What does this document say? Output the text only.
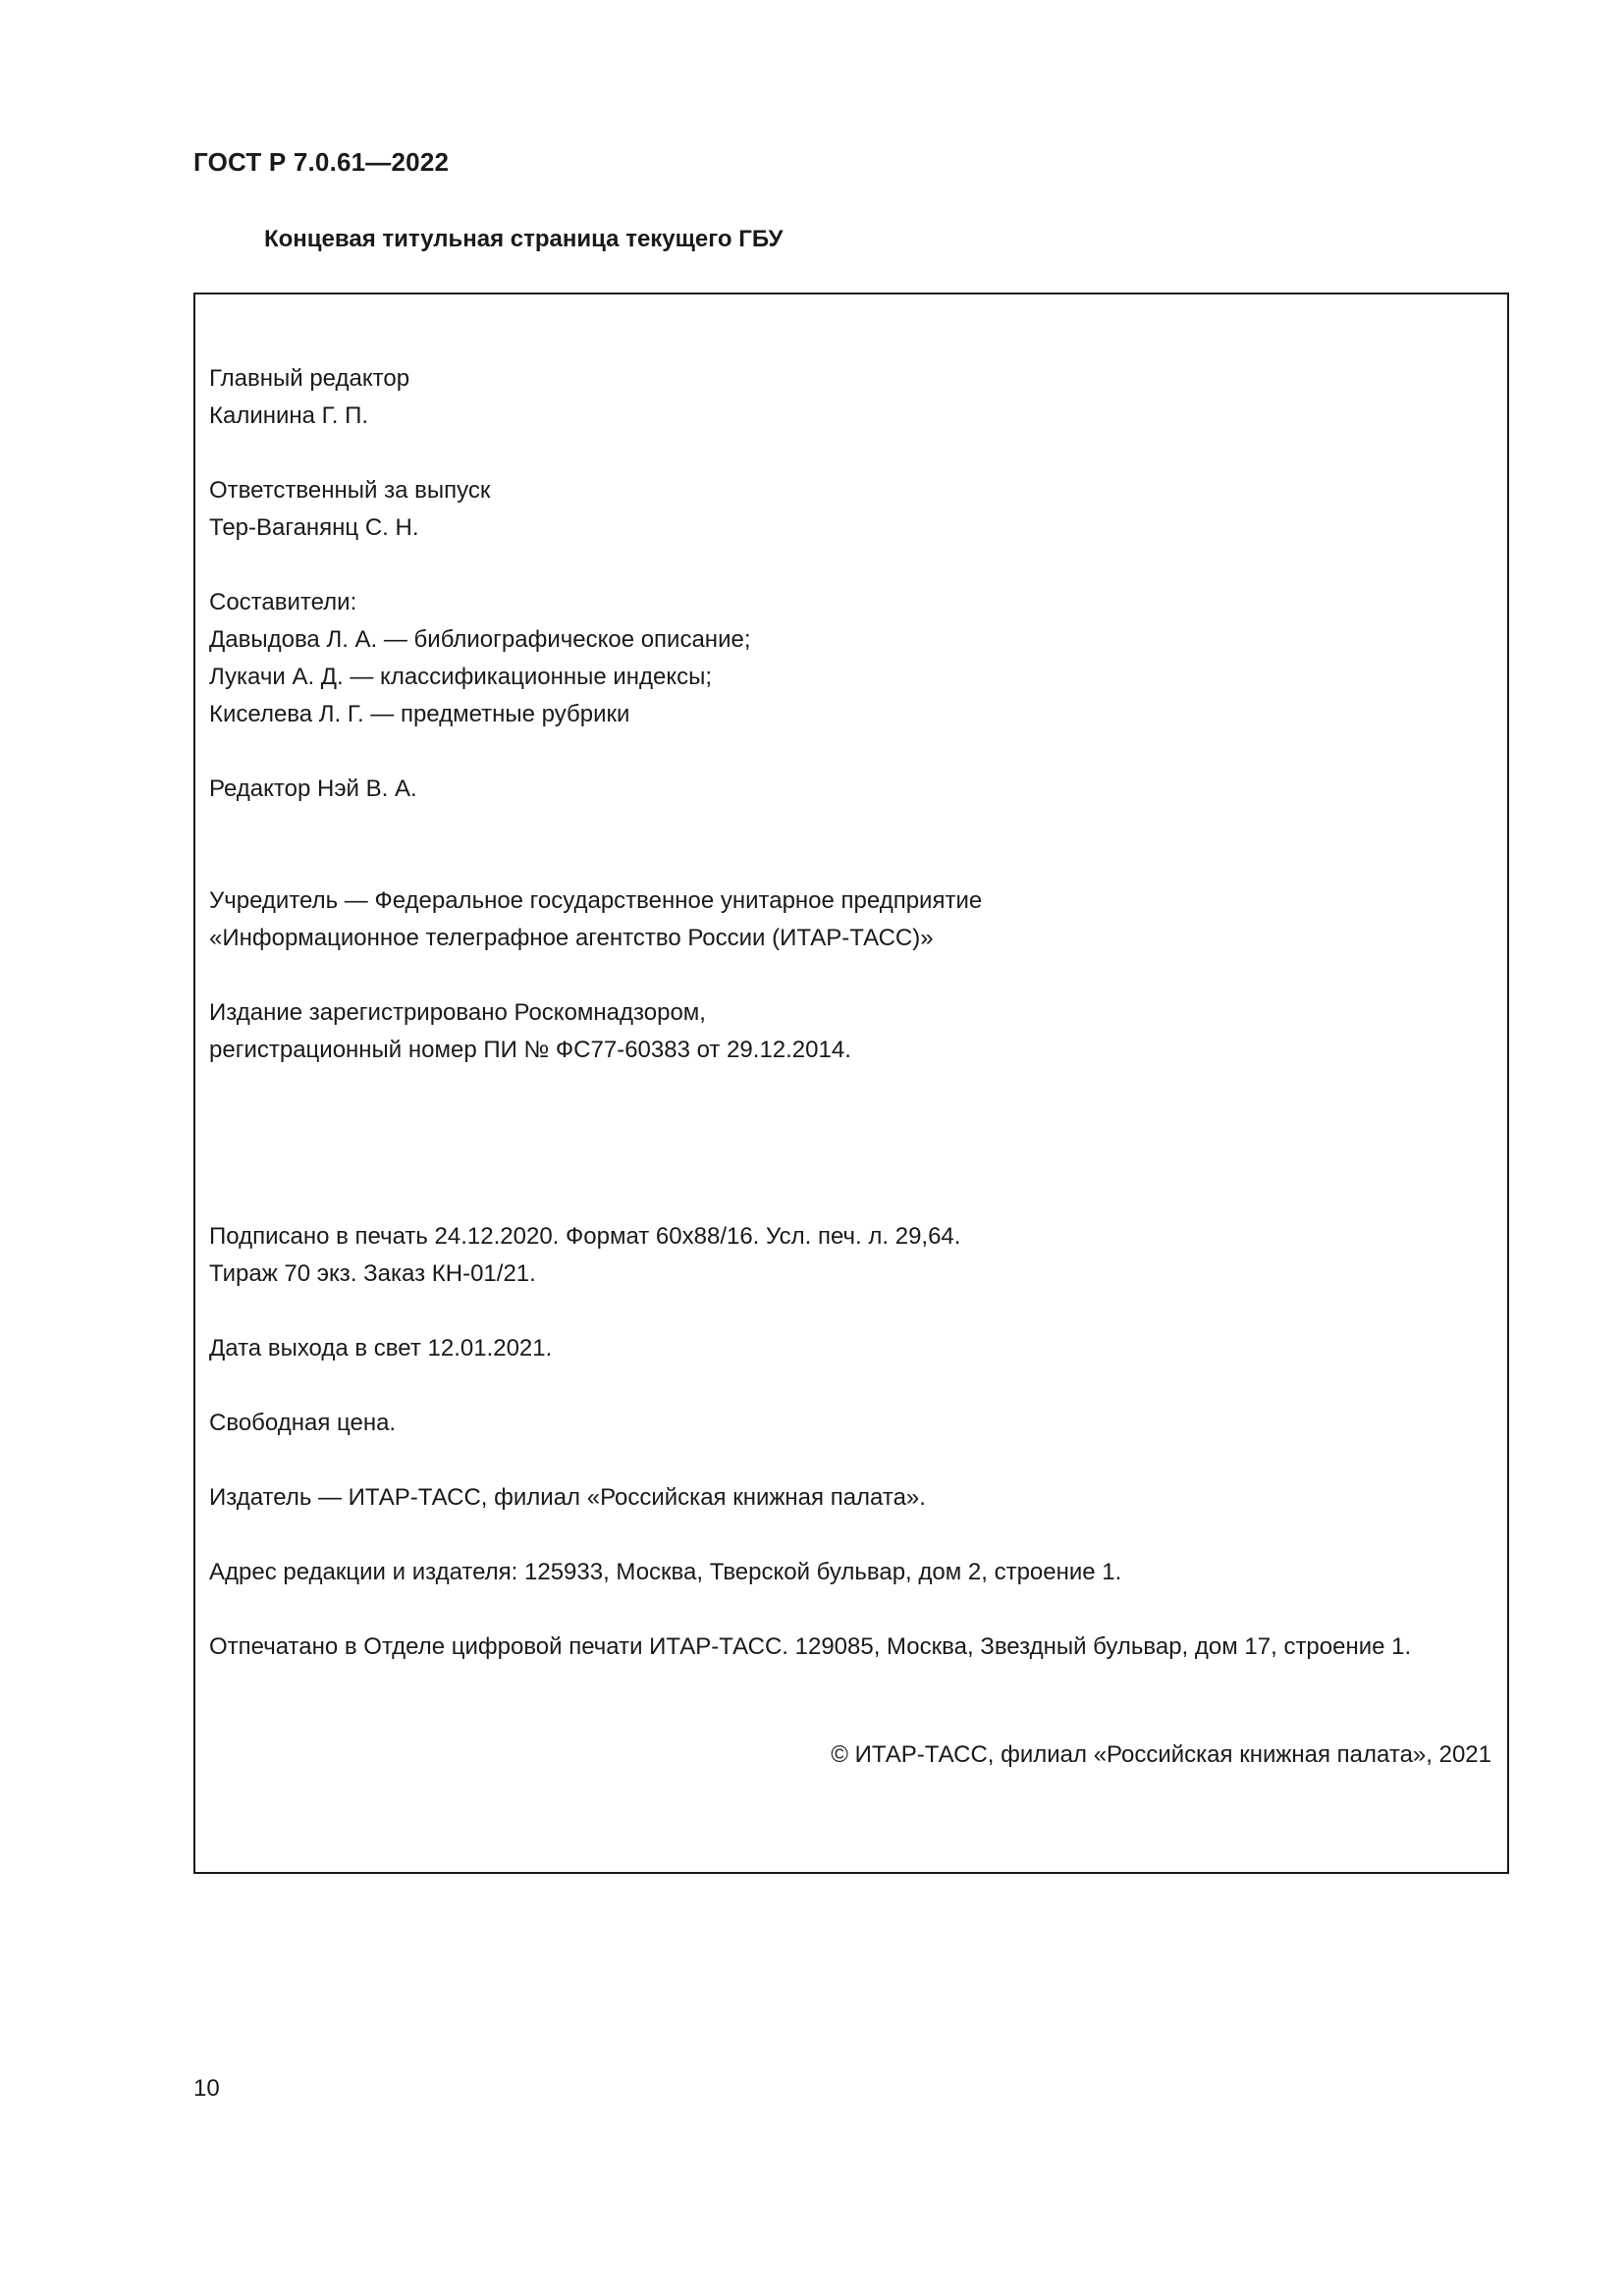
ГОСТ Р 7.0.61—2022
Концевая титульная страница текущего ГБУ
Главный редактор
Калинина Г. П.
Ответственный за выпуск
Тер-Ваганянц С. Н.
Составители:
Давыдова Л. А. — библиографическое описание;
Лукачи А. Д. — классификационные индексы;
Киселева Л. Г. — предметные рубрики
Редактор Нэй В. А.
Учредитель — Федеральное государственное унитарное предприятие
«Информационное телеграфное агентство России (ИТАР-ТАСС)»
Издание зарегистрировано Роскомнадзором,
регистрационный номер ПИ № ФС77-60383 от 29.12.2014.
Подписано в печать 24.12.2020. Формат 60x88/16. Усл. печ. л. 29,64.
Тираж 70 экз. Заказ КН-01/21.
Дата выхода в свет 12.01.2021.
Свободная цена.
Издатель — ИТАР-ТАСС, филиал «Российская книжная палата».
Адрес редакции и издателя: 125933, Москва, Тверской бульвар, дом 2, строение 1.
Отпечатано в Отделе цифровой печати ИТАР-ТАСС. 129085, Москва, Звездный бульвар, дом 17, строение 1.
© ИТАР-ТАСС, филиал «Российская книжная палата», 2021
10
